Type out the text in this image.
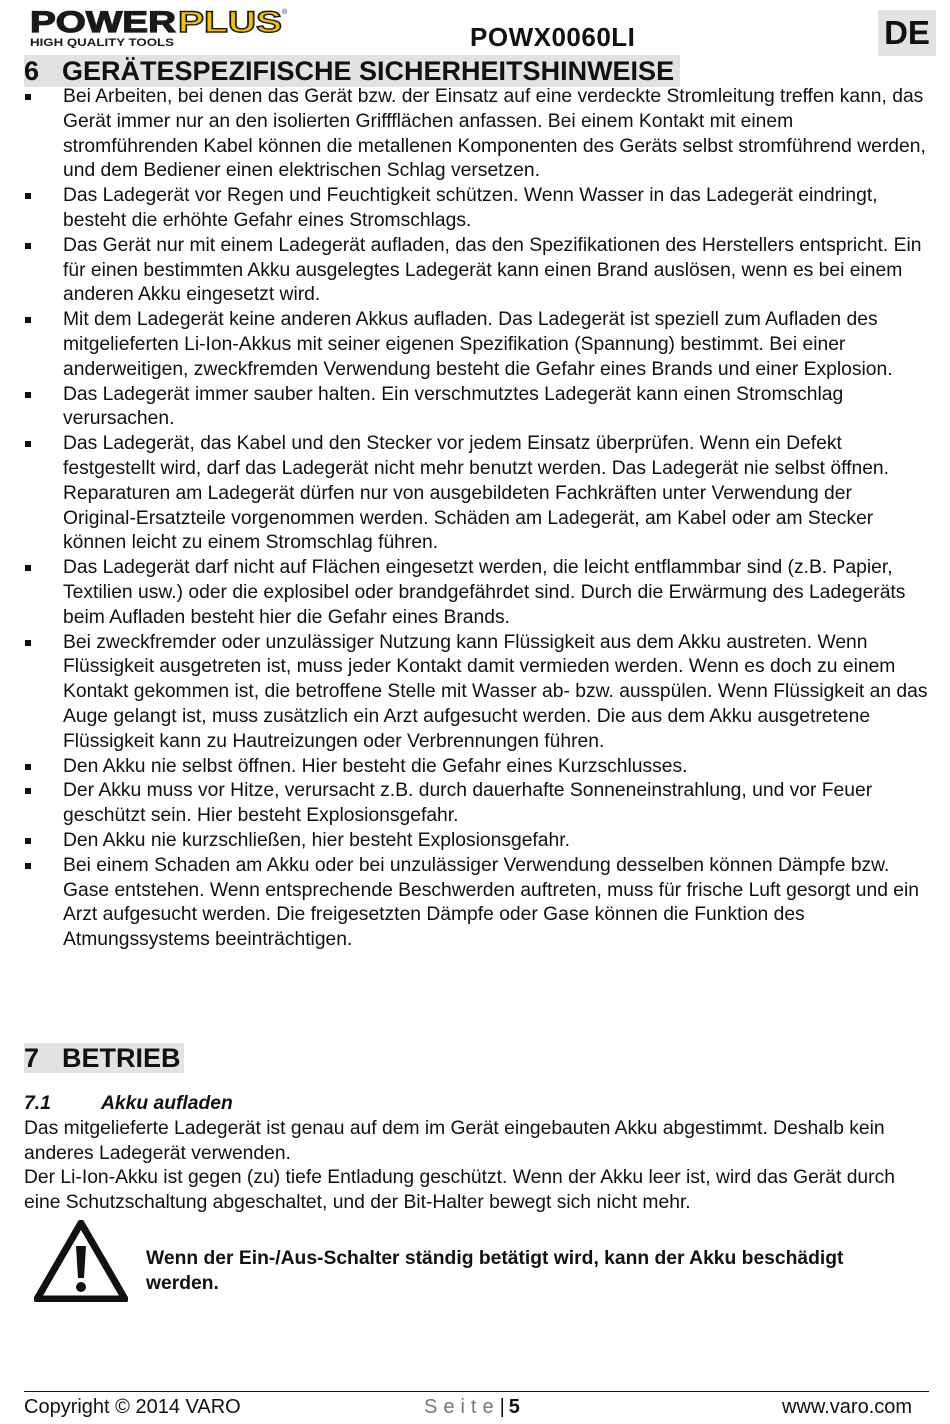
POWER PLUS ®
HIGH QUALITY TOOLS	POWX0060LI	DE
6 GERÄTESPEZIFISCHE SICHERHEITSHINWEISE
Bei Arbeiten, bei denen das Gerät bzw. der Einsatz auf eine verdeckte Stromleitung treffen kann, das Gerät immer nur an den isolierten Griffflächen anfassen. Bei einem Kontakt mit einem stromführenden Kabel können die metallenen Komponenten des Geräts selbst stromführend werden, und dem Bediener einen elektrischen Schlag versetzen.
Das Ladegerät vor Regen und Feuchtigkeit schützen. Wenn Wasser in das Ladegerät eindringt, besteht die erhöhte Gefahr eines Stromschlags.
Das Gerät nur mit einem Ladegerät aufladen, das den Spezifikationen des Herstellers entspricht. Ein für einen bestimmten Akku ausgelegtes Ladegerät kann einen Brand auslösen, wenn es bei einem anderen Akku eingesetzt wird.
Mit dem Ladegerät keine anderen Akkus aufladen. Das Ladegerät ist speziell zum Aufladen des mitgelieferten Li-Ion-Akkus mit seiner eigenen Spezifikation (Spannung) bestimmt. Bei einer anderweitigen, zweckfremden Verwendung besteht die Gefahr eines Brands und einer Explosion.
Das Ladegerät immer sauber halten. Ein verschmutztes Ladegerät kann einen Stromschlag verursachen.
Das Ladegerät, das Kabel und den Stecker vor jedem Einsatz überprüfen. Wenn ein Defekt festgestellt wird, darf das Ladegerät nicht mehr benutzt werden. Das Ladegerät nie selbst öffnen. Reparaturen am Ladegerät dürfen nur von ausgebildeten Fachkräften unter Verwendung der Original-Ersatzteile vorgenommen werden. Schäden am Ladegerät, am Kabel oder am Stecker können leicht zu einem Stromschlag führen.
Das Ladegerät darf nicht auf Flächen eingesetzt werden, die leicht entflammbar sind (z.B. Papier, Textilien usw.) oder die explosibel oder brandgefährdet sind. Durch die Erwärmung des Ladegeräts beim Aufladen besteht hier die Gefahr eines Brands.
Bei zweckfremder oder unzulässiger Nutzung kann Flüssigkeit aus dem Akku austreten. Wenn Flüssigkeit ausgetreten ist, muss jeder Kontakt damit vermieden werden. Wenn es doch zu einem Kontakt gekommen ist, die betroffene Stelle mit Wasser ab- bzw. ausspülen. Wenn Flüssigkeit an das Auge gelangt ist, muss zusätzlich ein Arzt aufgesucht werden. Die aus dem Akku ausgetretene Flüssigkeit kann zu Hautreizungen oder Verbrennungen führen.
Den Akku nie selbst öffnen. Hier besteht die Gefahr eines Kurzschlusses.
Der Akku muss vor Hitze, verursacht z.B. durch dauerhafte Sonneneinstrahlung, und vor Feuer geschützt sein. Hier besteht Explosionsgefahr.
Den Akku nie kurzschließen, hier besteht Explosionsgefahr.
Bei einem Schaden am Akku oder bei unzulässiger Verwendung desselben können Dämpfe bzw. Gase entstehen. Wenn entsprechende Beschwerden auftreten, muss für frische Luft gesorgt und ein Arzt aufgesucht werden. Die freigesetzten Dämpfe oder Gase können die Funktion des Atmungssystems beeinträchtigen.
7 BETRIEB
7.1	Akku aufladen

Das mitgelieferte Ladegerät ist genau auf dem im Gerät eingebauten Akku abgestimmt. Deshalb kein anderes Ladegerät verwenden.

Der Li-Ion-Akku ist gegen (zu) tiefe Entladung geschützt. Wenn der Akku leer ist, wird das Gerät durch eine Schutzschaltung abgeschaltet, und der Bit-Halter bewegt sich nicht mehr.

Wenn der Ein-/Aus-Schalter ständig betätigt wird, kann der Akku beschädigt werden.

Copyright © 2014 VARO	Seite| 5	www.varo.com
